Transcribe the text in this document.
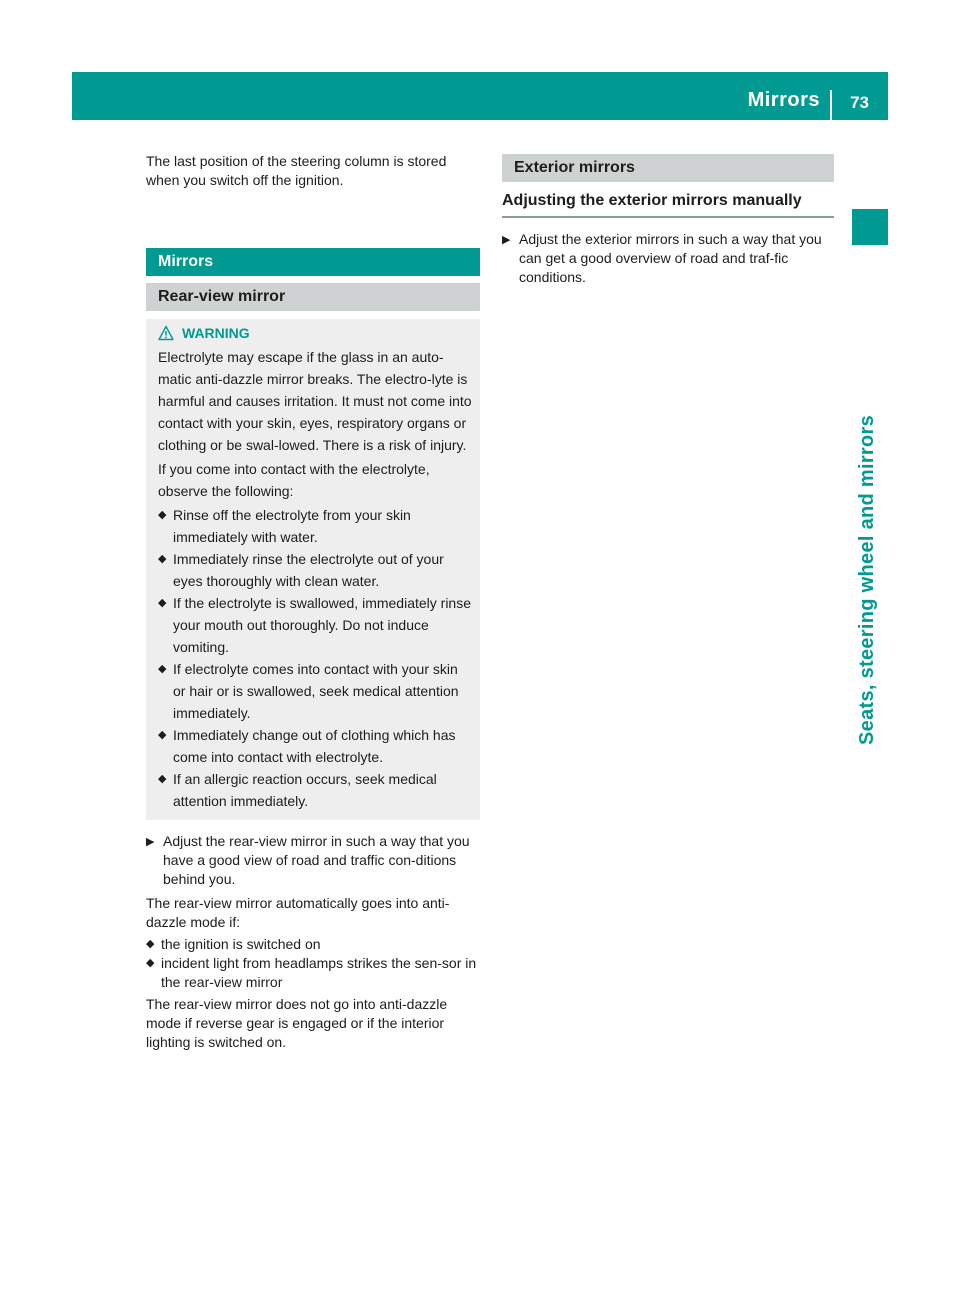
Mirrors 73
Seats, steering wheel and mirrors

The last position of the steering column is stored when you switch off the ignition.

Mirrors
Rear-view mirror
WARNING

Electrolyte may escape if the glass in an auto-matic anti-dazzle mirror breaks. The electro-lyte is harmful and causes irritation. It must not come into contact with your skin, eyes, respiratory organs or clothing or be swal-lowed. There is a risk of injury.

If you come into contact with the electrolyte, observe the following:

◆ Rinse off the electrolyte from your skin immediately with water.
◆ Immediately rinse the electrolyte out of your eyes thoroughly with clean water.
◆ If the electrolyte is swallowed, immediately rinse your mouth out thoroughly. Do not induce vomiting.
◆ If electrolyte comes into contact with your skin or hair or is swallowed, seek medical attention immediately.
◆ Immediately change out of clothing which has come into contact with electrolyte.
◆ If an allergic reaction occurs, seek medical attention immediately.
▶ Adjust the rear-view mirror in such a way that you have a good view of road and traffic con-ditions behind you.

The rear-view mirror automatically goes into anti-dazzle mode if:

◆ the ignition is switched on
◆ incident light from headlamps strikes the sen-sor in the rear-view mirror

The rear-view mirror does not go into anti-dazzle mode if reverse gear is engaged or if the interior lighting is switched on.

Exterior mirrors
Adjusting the exterior mirrors manually
▶ Adjust the exterior mirrors in such a way that you can get a good overview of road and traf-fic conditions.
